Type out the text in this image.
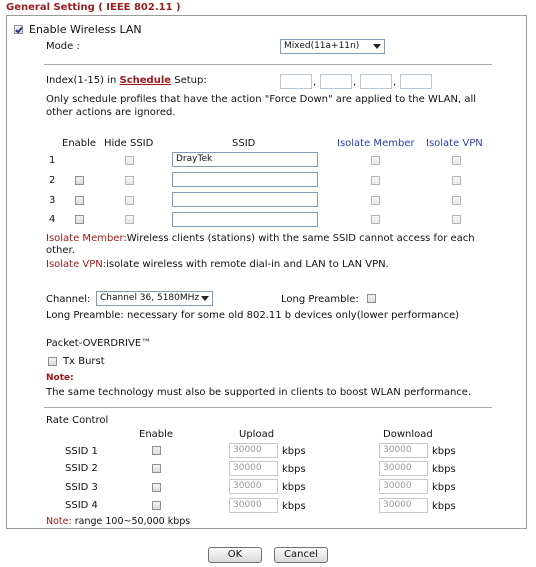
General Setting ( IEEE 802.11 )
Enable Wireless LAN
Mode :	Mixed(11a+11n)
Index(1-15) in Schedule Setup:	,	,	,
Only schedule profiles that have the action "Force Down" are applied to the WLAN, all other actions are ignored.
Enable Hide SSID	SSID	Isolate Member Isolate VPN
1	DrayTek
2
3
4
Isolate Member:Wireless clients (stations) with the same SSID cannot access for each other.
Isolate VPN:isolate wireless with remote dial-in and LAN to LAN VPN.
Channel:	Channel 36, 5180MHz	Long Preamble:
Long Preamble: necessary for some old 802.11 b devices only(lower performance)
Packet-OVERDRIVE™
Tx Burst
Note:
The same technology must also be supported in clients to boost WLAN performance.
Rate Control
Enable	Upload	Download
SSID 1	30000	kbps	30000	kbps
SSID 2	30000	kbps	30000	kbps
SSID 3	30000	kbps	30000	kbps
SSID 4	30000	kbps	30000	kbps
Note: range 100~50,000 kbps
OK	Cancel
